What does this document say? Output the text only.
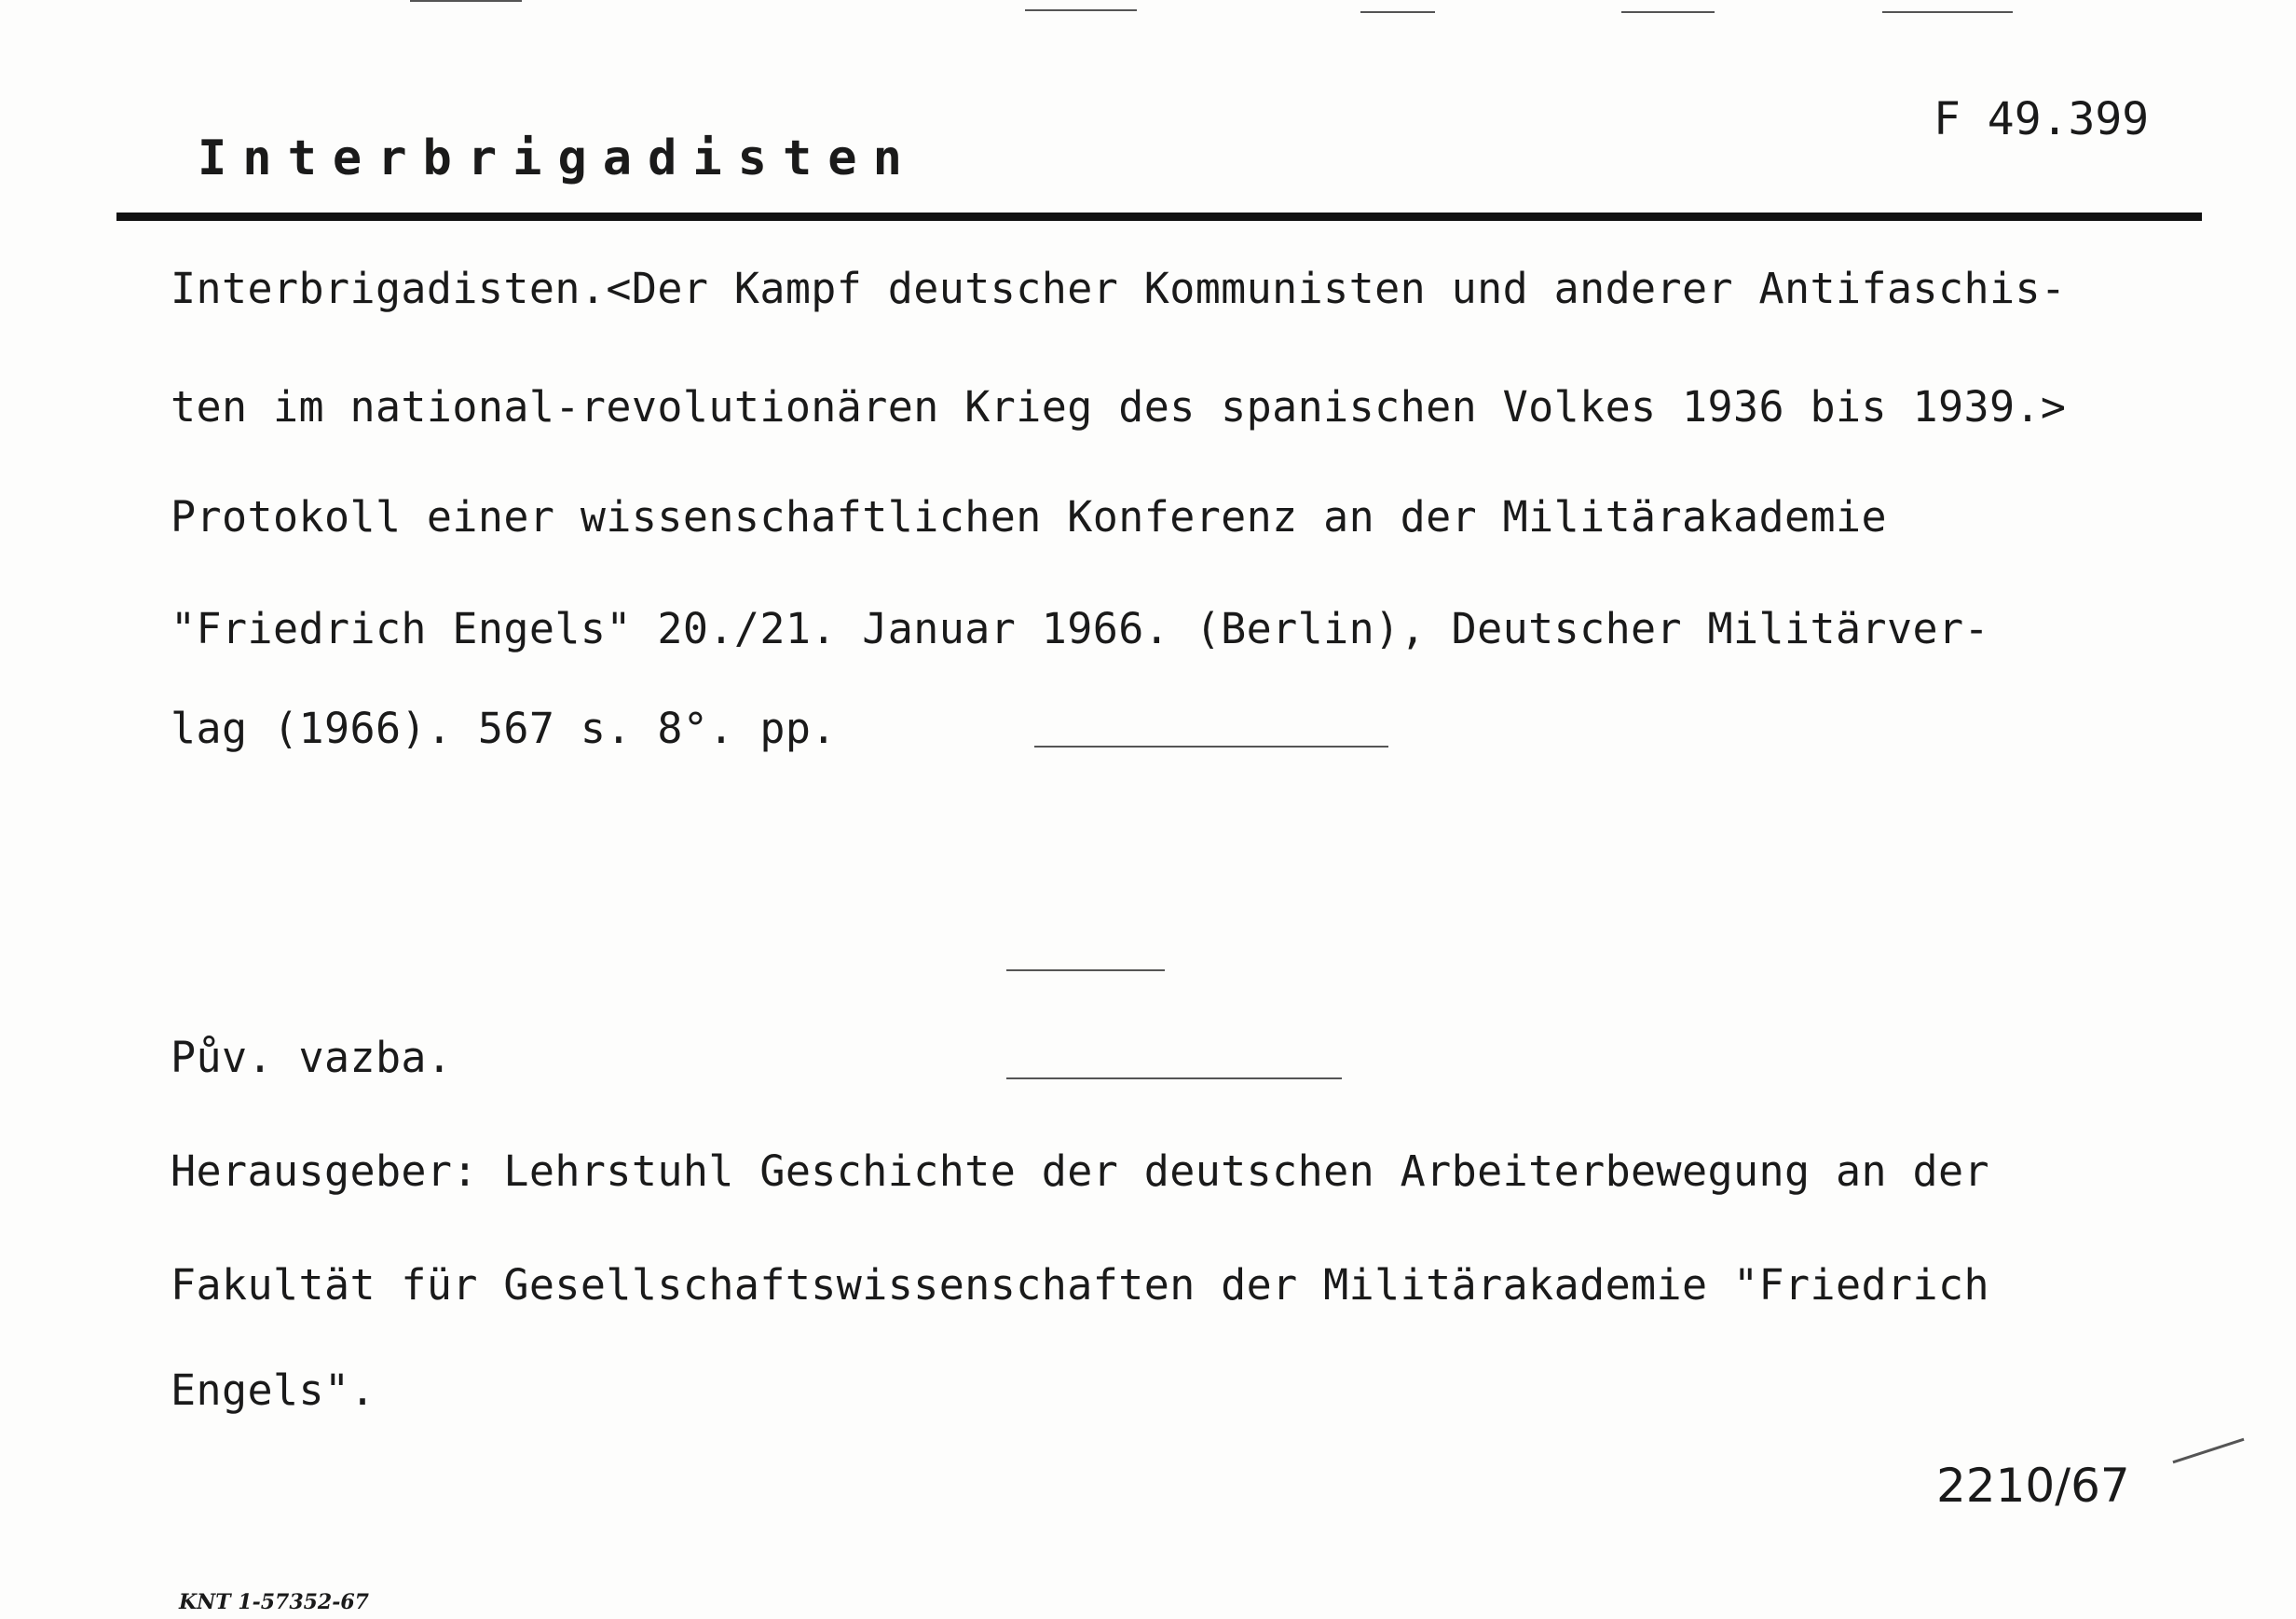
Interbrigadisten
F 49.399
Interbrigadisten.<Der Kampf deutscher Kommunisten und anderer Antifaschis-
ten im national-revolutionären Krieg des spanischen Volkes 1936 bis 1939.>
Protokoll einer wissenschaftlichen Konferenz an der Militärakademie
"Friedrich Engels" 20./21. Januar 1966. (Berlin), Deutscher Militärver-
lag (1966). 567 s. 8°. pp.
Pův. vazba.
Herausgeber: Lehrstuhl Geschichte der deutschen Arbeiterbewegung an der
Fakultät für Gesellschaftswissenschaften der Militärakademie "Friedrich
Engels".
2210/67
KNT 1-57352-67
